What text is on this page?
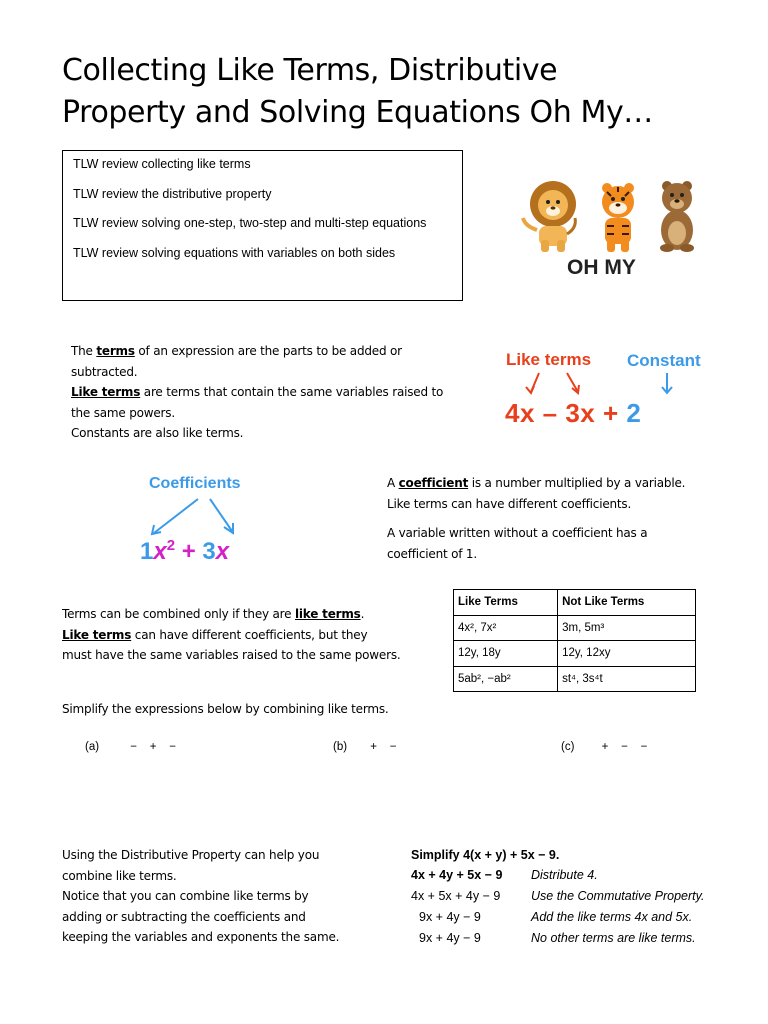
Collecting Like Terms, Distributive
Property and Solving Equations Oh My…
TLW review collecting like terms
TLW review the distributive property
TLW review solving one-step, two-step and multi-step equations
TLW review solving equations with variables on both sides
OH MY
The terms of an expression are the parts to be added or
subtracted.
Like terms are terms that contain the same variables raised to
the same powers.
Constants are also like terms.
Like terms Constant
4x – 3x + 2
Coefficients
$1x^2 + 3x$
A coefficient is a number multiplied by a variable.
Like terms can have different coefficients.
A variable written without a coefficient has a
coefficient of 1.
Terms can be combined only if they are like terms.
Like terms can have different coefficients, but they
must have the same variables raised to the same powers.
Like Terms	Not Like Terms
4x², 7x²	3m, 5m³
12y, 18y	12y, 12xy
5ab², −ab²	st⁴, 3s⁴t
Simplify the expressions below by combining like terms.
(a)	−    +    −	(b) +    −	(c) +    −    −
Using the Distributive Property can help you
combine like terms.
Notice that you can combine like terms by
adding or subtracting the coefficients and
keeping the variables and exponents the same.
Simplify 4(x + y) + 5x − 9.
4x + 4y + 5x − 9 Distribute 4.
4x + 5x + 4y − 9 Use the Commutative Property.
9x + 4y − 9	Add the like terms 4x and 5x.
9x + 4y − 9	No other terms are like terms.
